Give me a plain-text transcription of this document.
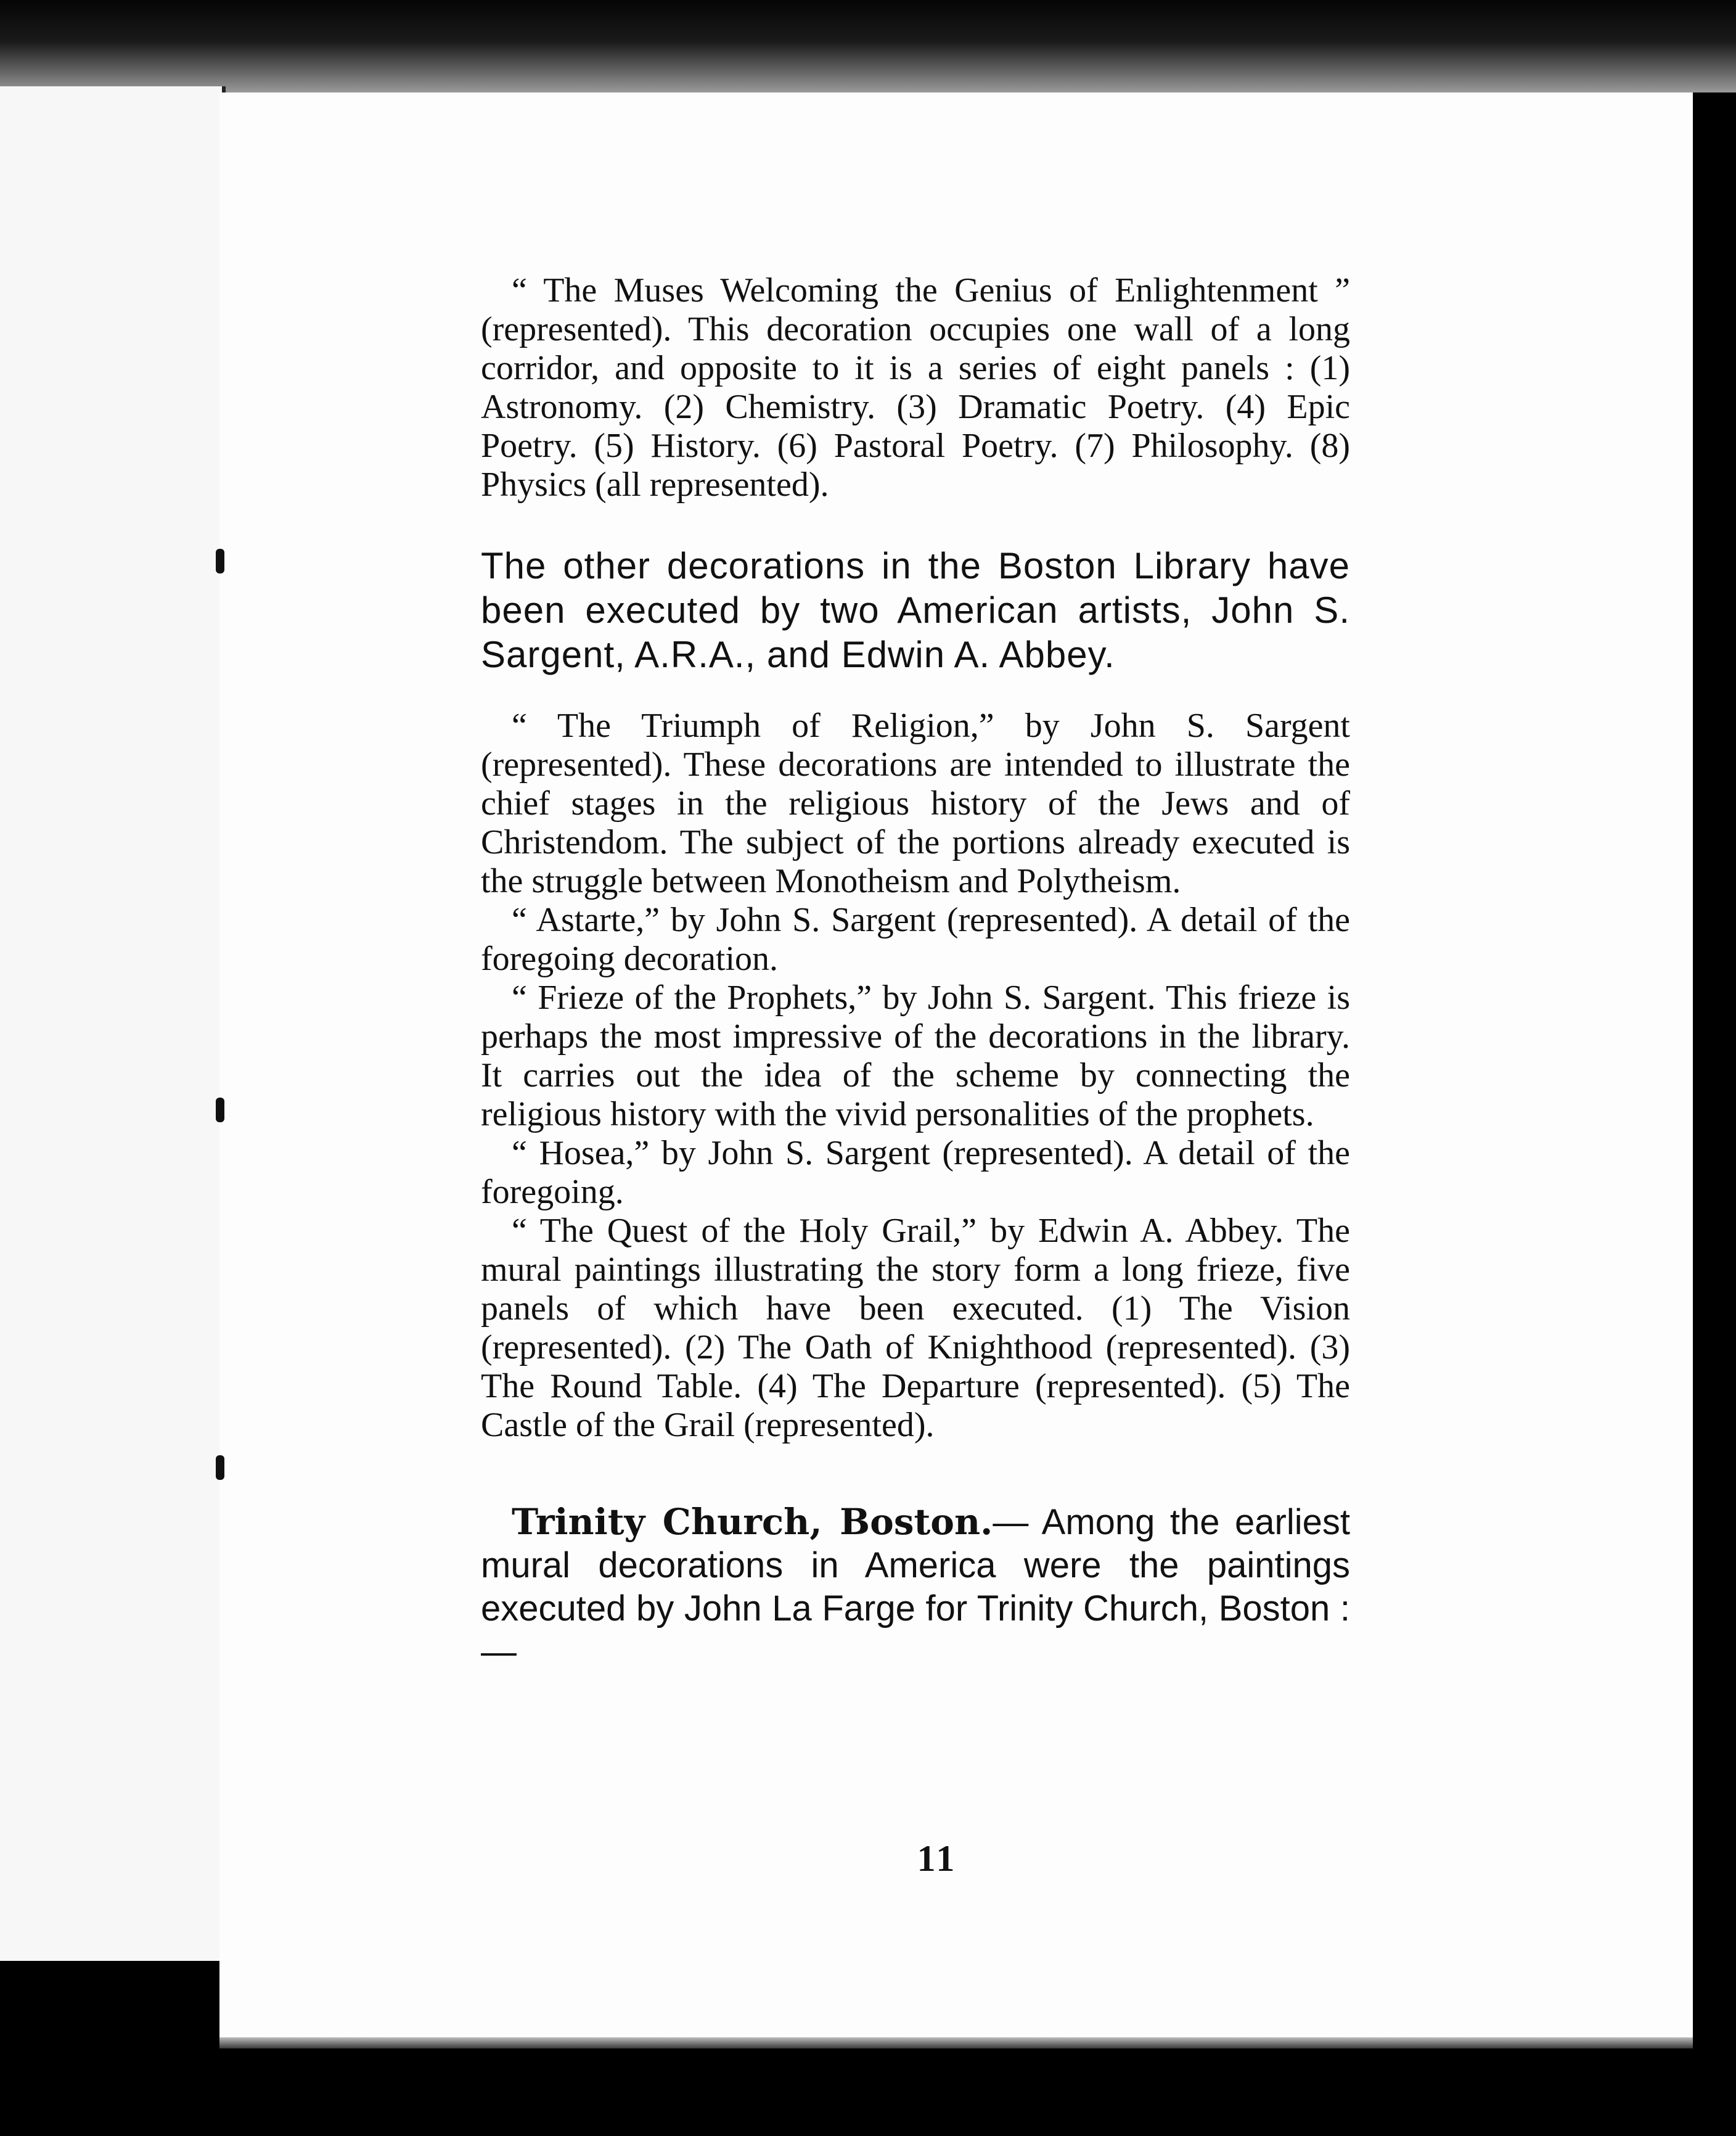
“ The Muses Welcoming the Genius of Enlightenment ” (represented). This decoration occupies one wall of a long corridor, and opposite to it is a series of eight panels : (1) Astronomy. (2) Chemistry. (3) Dramatic Poetry. (4) Epic Poetry. (5) History. (6) Pastoral Poetry. (7) Philosophy. (8) Physics (all represented).

The other decorations in the Boston Library have been executed by two American artists, John S. Sargent, A.R.A., and Edwin A. Abbey.

“ The Triumph of Religion,” by John S. Sargent (represented). These decorations are intended to illustrate the chief stages in the religious history of the Jews and of Christendom. The subject of the portions already executed is the struggle between Monotheism and Polytheism.

“ Astarte,” by John S. Sargent (represented). A detail of the foregoing decoration.

“ Frieze of the Prophets,” by John S. Sargent. This frieze is perhaps the most impressive of the decorations in the library. It carries out the idea of the scheme by connecting the religious history with the vivid personalities of the prophets.

“ Hosea,” by John S. Sargent (represented). A detail of the foregoing.

“ The Quest of the Holy Grail,” by Edwin A. Abbey. The mural paintings illustrating the story form a long frieze, five panels of which have been executed. (1) The Vision (represented). (2) The Oath of Knighthood (represented). (3) The Round Table. (4) The Departure (represented). (5) The Castle of the Grail (represented).

Trinity Church, Boston.— Among the earliest mural decorations in America were the paintings executed by John La Farge for Trinity Church, Boston :—

11
